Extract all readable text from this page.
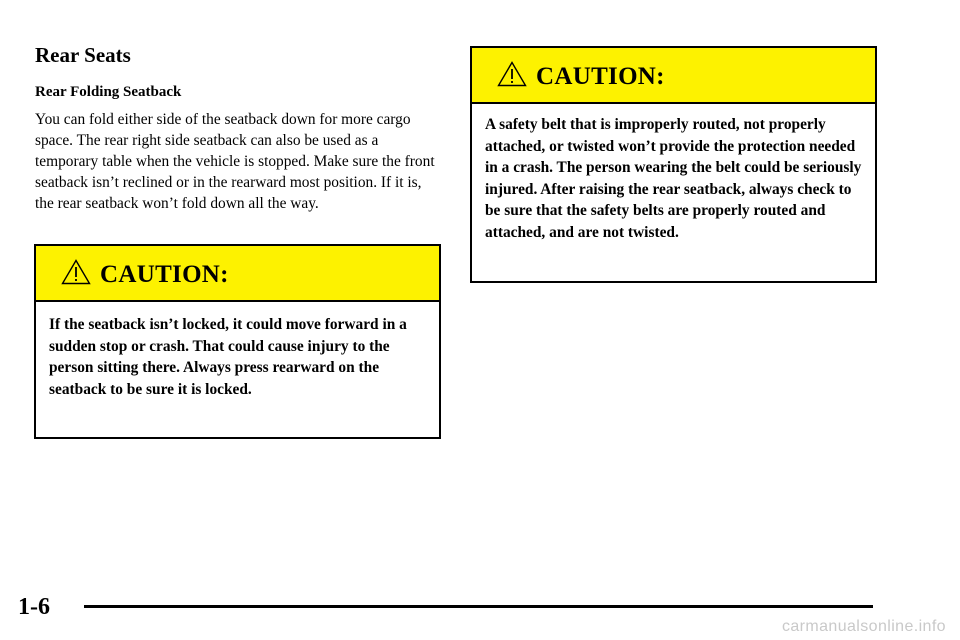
Rear Seats
Rear Folding Seatback

You can fold either side of the seatback down for more cargo space. The rear right side seatback can also be used as a temporary table when the vehicle is stopped. Make sure the front seatback isn’t reclined or in the rearward most position. If it is, the rear seatback won’t fold down all the way.

CAUTION:

If the seatback isn’t locked, it could move forward in a sudden stop or crash. That could cause injury to the person sitting there. Always press rearward on the seatback to be sure it is locked.

CAUTION:

A safety belt that is improperly routed, not properly attached, or twisted won’t provide the protection needed in a crash. The person wearing the belt could be seriously injured. After raising the rear seatback, always check to be sure that the safety belts are properly routed and attached, and are not twisted.

1-6

carmanualsonline.info
